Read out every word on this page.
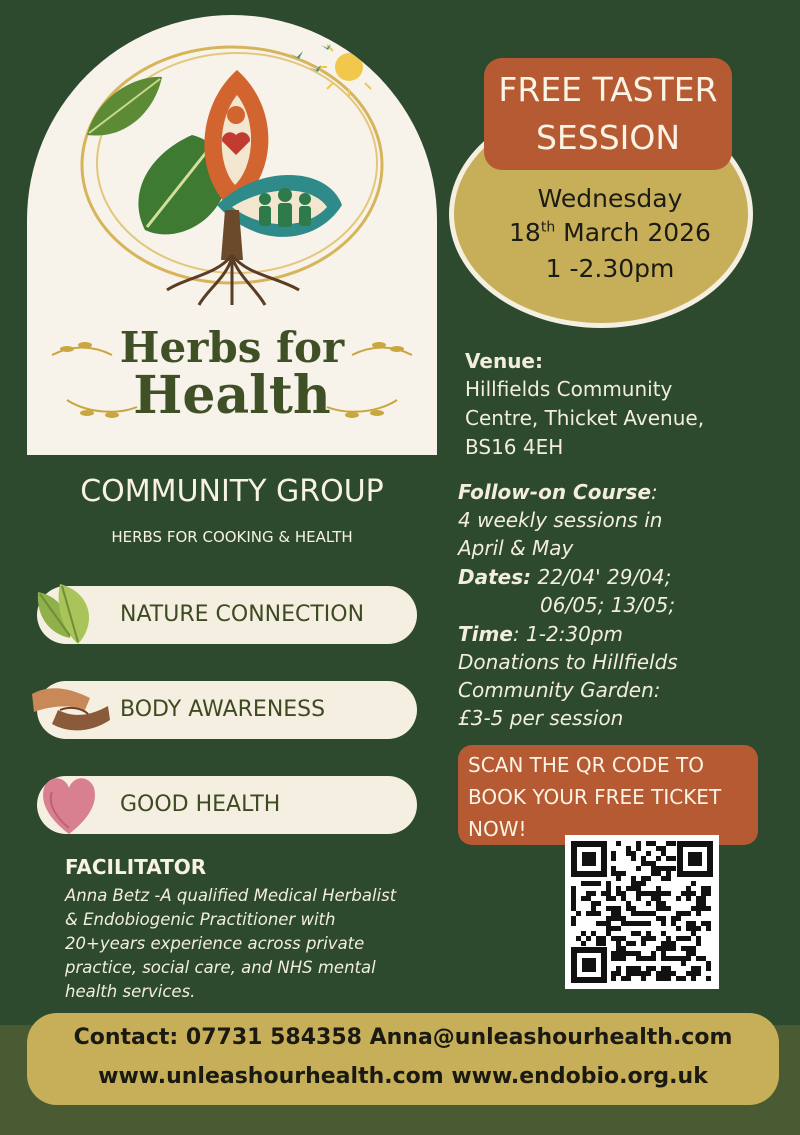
Herbs for
Health
FREE TASTER
SESSION
Wednesday
18th March 2026
1 -2.30pm
Venue:
Hillfields Community
Centre, Thicket Avenue,
BS16 4EH
COMMUNITY GROUP
HERBS FOR COOKING & HEALTH
NATURE CONNECTION
BODY AWARENESS
GOOD HEALTH
Follow-on Course:
4 weekly sessions in
April & May
Dates: 22/04' 29/04;
06/05; 13/05;
Time: 1-2:30pm
Donations to Hillfields
Community Garden:
£3-5 per session
SCAN THE QR CODE TO
BOOK YOUR FREE TICKET
NOW!
FACILITATOR
Anna Betz -A qualified Medical Herbalist
& Endobiogenic Practitioner with
20+years experience across private
practice, social care, and NHS mental
health services.
Contact: 07731 584358 Anna@unleashourhealth.com
www.unleashourhealth.com www.endobio.org.uk
